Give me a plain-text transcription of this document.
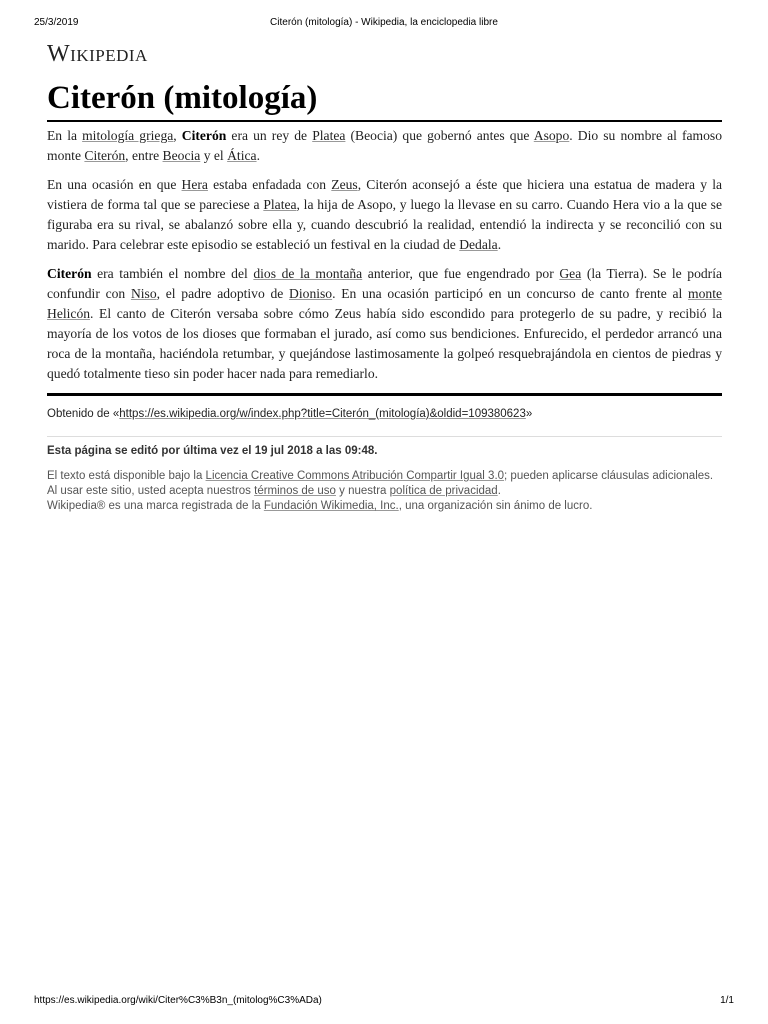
25/3/2019	Citerón (mitología) - Wikipedia, la enciclopedia libre
Wikipedia
Citerón (mitología)

En la mitología griega, Citerón era un rey de Platea (Beocia) que gobernó antes que Asopo. Dio su nombre al famoso monte Citerón, entre Beocia y el Ática.

En una ocasión en que Hera estaba enfadada con Zeus, Citerón aconsejó a éste que hiciera una estatua de madera y la vistiera de forma tal que se pareciese a Platea, la hija de Asopo, y luego la llevase en su carro. Cuando Hera vio a la que se figuraba era su rival, se abalanzó sobre ella y, cuando descubrió la realidad, entendió la indirecta y se reconcilió con su marido. Para celebrar este episodio se estableció un festival en la ciudad de Dedala.

Citerón era también el nombre del dios de la montaña anterior, que fue engendrado por Gea (la Tierra). Se le podría confundir con Niso, el padre adoptivo de Dioniso. En una ocasión participó en un concurso de canto frente al monte Helicón. El canto de Citerón versaba sobre cómo Zeus había sido escondido para protegerlo de su padre, y recibió la mayoría de los votos de los dioses que formaban el jurado, así como sus bendiciones. Enfurecido, el perdedor arrancó una roca de la montaña, haciéndola retumbar, y quejándose lastimosamente la golpeó resquebrajándola en cientos de piedras y quedó totalmente tieso sin poder hacer nada para remediarlo.

Obtenido de «https://es.wikipedia.org/w/index.php?title=Citerón_(mitología)&oldid=109380623»
Esta página se editó por última vez el 19 jul 2018 a las 09:48.
El texto está disponible bajo la Licencia Creative Commons Atribución Compartir Igual 3.0; pueden aplicarse cláusulas adicionales. Al usar este sitio, usted acepta nuestros términos de uso y nuestra política de privacidad.
Wikipedia® es una marca registrada de la Fundación Wikimedia, Inc., una organización sin ánimo de lucro.
https://es.wikipedia.org/wiki/Citer%C3%B3n_(mitolog%C3%ADa)	1/1
